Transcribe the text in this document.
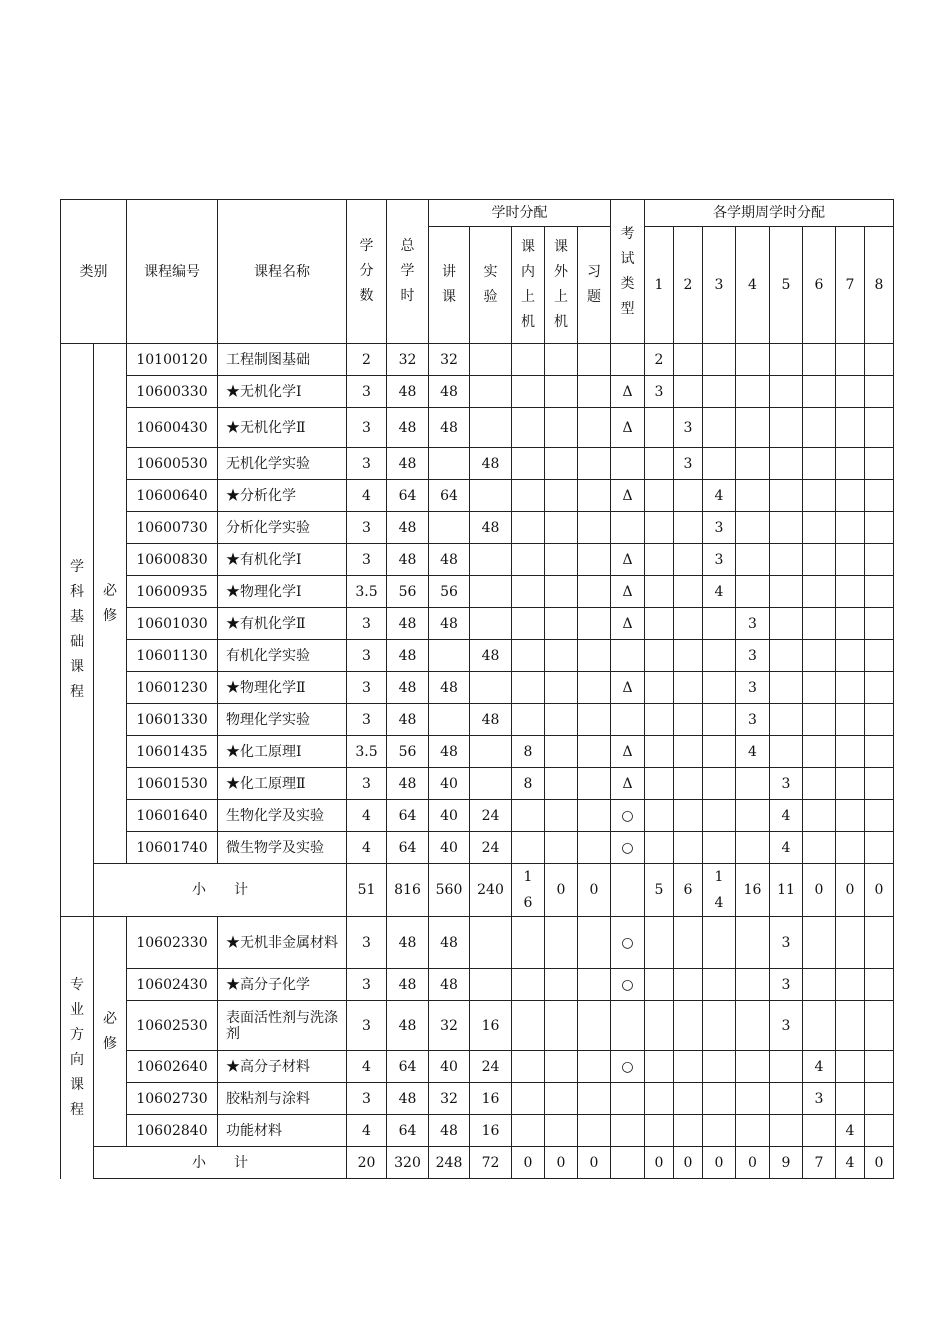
类别		课程编号	课程名称	学分数	总学时	学时分配					考试类型	各学期周学时分配							
						讲课	实验	课内上机	课外上机	习题		1	2	3	4	5	6	7	8
学科基础课程	必修	10100120	工程制图基础	2	32	32						2							
		10600330	★无机化学Ⅰ	3	48	48					Δ	3							
		10600430	★无机化学Ⅱ	3	48	48					Δ		3						
		10600530	无机化学实验	3	48		48						3						
		10600640	★分析化学	4	64	64					Δ			4					
		10600730	分析化学实验	3	48		48							3					
		10600830	★有机化学Ⅰ	3	48	48					Δ			3					
		10600935	★物理化学Ⅰ	3.5	56	56					Δ			4					
		10601030	★有机化学Ⅱ	3	48	48					Δ				3				
		10601130	有机化学实验	3	48		48								3				
		10601230	★物理化学Ⅱ	3	48	48					Δ				3				
		10601330	物理化学实验	3	48		48								3				
		10601435	★化工原理Ⅰ	3.5	56	48		8			Δ				4				
		10601530	★化工原理Ⅱ	3	48	40		8			Δ					3			
		10601640	生物化学及实验	4	64	40	24				○					4			
		10601740	微生物学及实验	4	64	40	24				○					4			
	小　　计			51	816	560	240	16	0	0		5	6	14	16	11	0	0	0
专业方向课程	必修	10602330	★无机非金属材料	3	48	48					○					3			
		10602430	★高分子化学	3	48	48					○					3			
		10602530	表面活性剂与洗涤剂	3	48	32	16									3			
		10602640	★高分子材料	4	64	40	24				○						4		
		10602730	胶粘剂与涂料	3	48	32	16										3		
		10602840	功能材料	4	64	48	16											4	
	小　　计			20	320	248	72	0	0	0		0	0	0	0	9	7	4	0
